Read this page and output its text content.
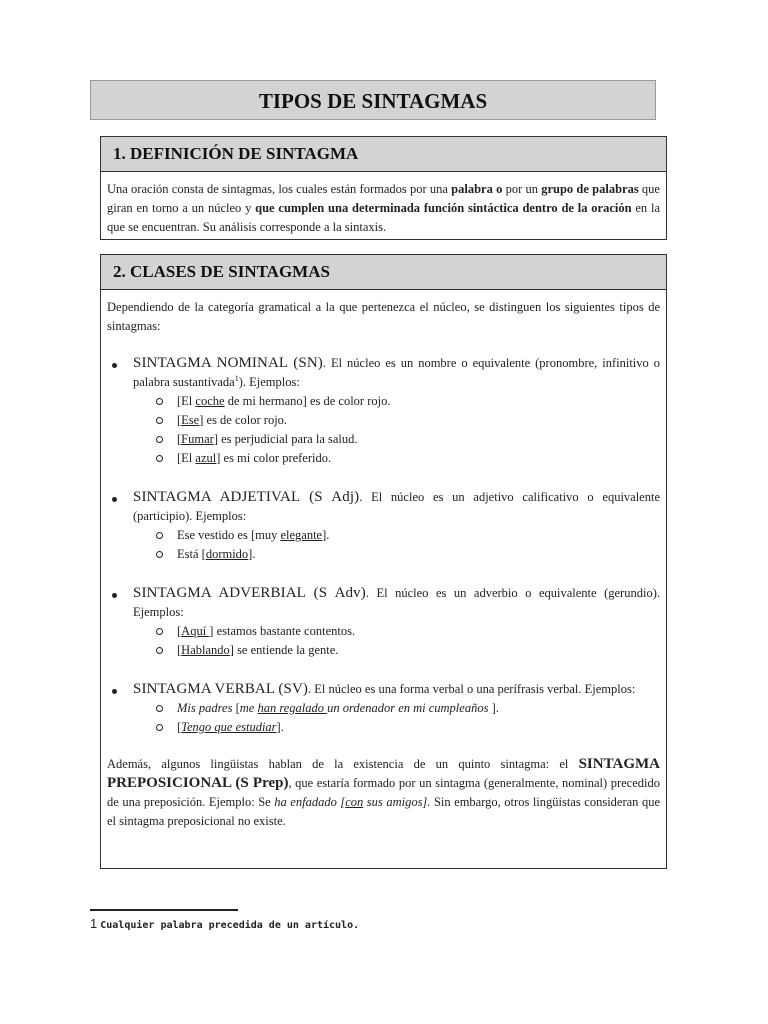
TIPOS DE SINTAGMAS
1. DEFINICIÓN DE SINTAGMA

Una oración consta de sintagmas, los cuales están formados por una palabra o por un grupo de palabras que giran en torno a un núcleo y que cumplen una determinada función sintáctica dentro de la oración en la que se encuentran. Su análisis corresponde a la sintaxis.

2. CLASES DE SINTAGMAS

Dependiendo de la categoría gramatical a la que pertenezca el núcleo, se distinguen los siguientes tipos de sintagmas:

SINTAGMA NOMINAL (SN). El núcleo es un nombre o equivalente (pronombre, infinitivo o palabra sustantivada$^1$). Ejemplos:
[El coche de mi hermano] es de color rojo.
[Ese] es de color rojo.
[Fumar] es perjudicial para la salud.
[El azul] es mi color preferido.
SINTAGMA ADJETIVAL (S Adj). El núcleo es un adjetivo calificativo o equivalente (participio). Ejemplos:
Ese vestido es [muy elegante].
Está [dormido].
SINTAGMA ADVERBIAL (S Adv). El núcleo es un adverbio o equivalente (gerundio). Ejemplos:
[Aquí ] estamos bastante contentos.
[Hablando] se entiende la gente.
SINTAGMA VERBAL (SV). El núcleo es una forma verbal o una perífrasis verbal. Ejemplos:
Mis padres [me han regalado un ordenador en mi cumpleaños ].
[Tengo que estudiar].

Además, algunos lingüistas hablan de la existencia de un quinto sintagma: el SINTAGMA PREPOSICIONAL (S Prep), que estaría formado por un sintagma (generalmente, nominal) precedido de una preposición. Ejemplo: Se ha enfadado [con sus amigos]. Sin embargo, otros lingüistas consideran que el sintagma preposicional no existe.

1 Cualquier palabra precedida de un artículo.
